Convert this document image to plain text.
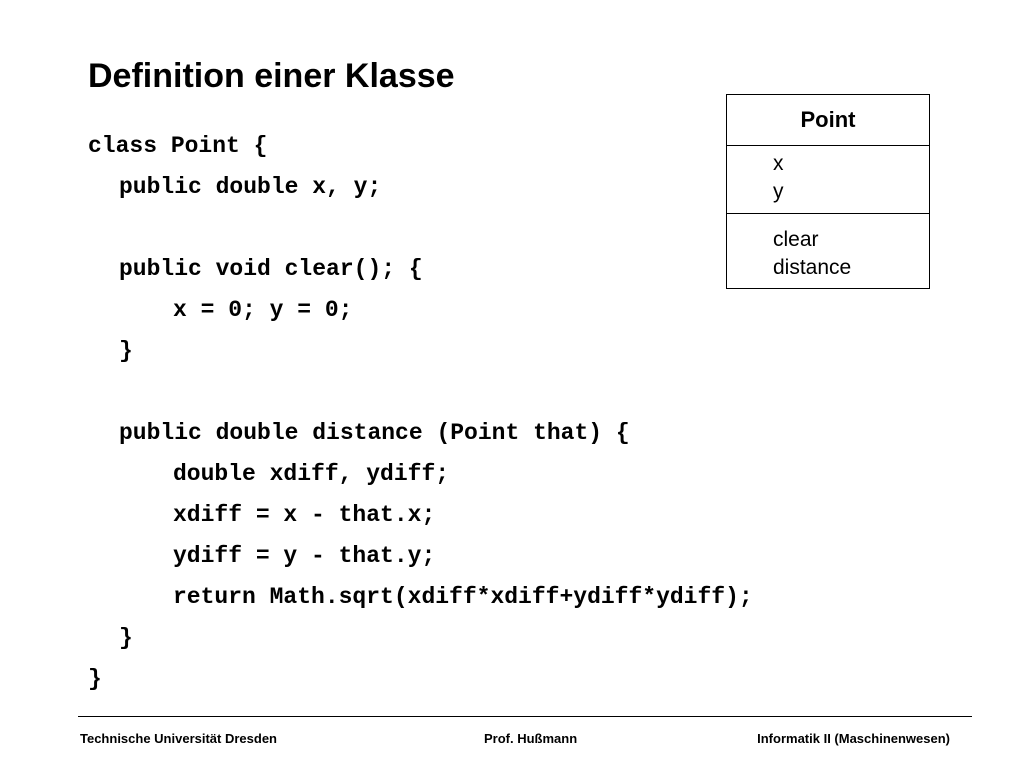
Definition einer Klasse
class Point {
public double x, y;
public void clear(); {
x = 0; y = 0;
}
public double distance (Point that) {
double xdiff, ydiff;
xdiff = x - that.x;
ydiff = y - that.y;
return Math.sqrt(xdiff*xdiff+ydiff*ydiff);
}
}
Point
x
y
clear
distance
Technische Universität Dresden	Prof. Hußmann	Informatik II (Maschinenwesen)
